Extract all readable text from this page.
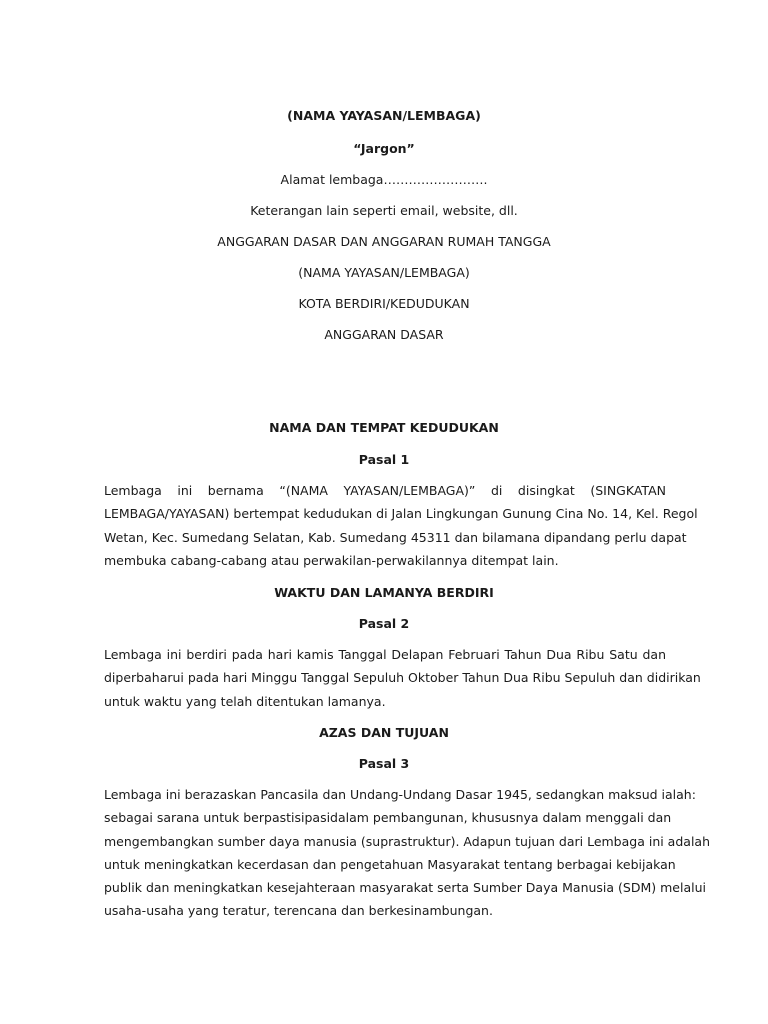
(NAMA YAYASAN/LEMBAGA)
“Jargon”
Alamat lembaga…………………….
Keterangan lain seperti email, website, dll.
ANGGARAN DASAR DAN ANGGARAN RUMAH TANGGA
(NAMA YAYASAN/LEMBAGA)
KOTA BERDIRI/KEDUDUKAN
ANGGARAN DASAR
NAMA DAN TEMPAT KEDUDUKAN
Pasal 1
Lembaga ini bernama “(NAMA YAYASAN/LEMBAGA)” di disingkat (SINGKATAN
LEMBAGA/YAYASAN) bertempat kedudukan di Jalan Lingkungan Gunung Cina No. 14, Kel. Regol
Wetan, Kec. Sumedang Selatan, Kab. Sumedang 45311 dan bilamana dipandang perlu dapat
membuka cabang-cabang atau perwakilan-perwakilannya ditempat lain.
WAKTU DAN LAMANYA BERDIRI
Pasal 2
Lembaga ini berdiri pada hari kamis Tanggal Delapan Februari Tahun Dua Ribu Satu dan
diperbaharui pada hari Minggu Tanggal Sepuluh Oktober Tahun Dua Ribu Sepuluh dan didirikan
untuk waktu yang telah ditentukan lamanya.
AZAS DAN TUJUAN
Pasal 3
Lembaga ini berazaskan Pancasila dan Undang-Undang Dasar 1945, sedangkan maksud ialah:
sebagai sarana untuk berpastisipasidalam pembangunan, khususnya dalam menggali dan
mengembangkan sumber daya manusia (suprastruktur). Adapun tujuan dari Lembaga ini adalah
untuk meningkatkan kecerdasan dan pengetahuan Masyarakat tentang berbagai kebijakan
publik dan meningkatkan kesejahteraan masyarakat serta Sumber Daya Manusia (SDM) melalui
usaha-usaha yang teratur, terencana dan berkesinambungan.
